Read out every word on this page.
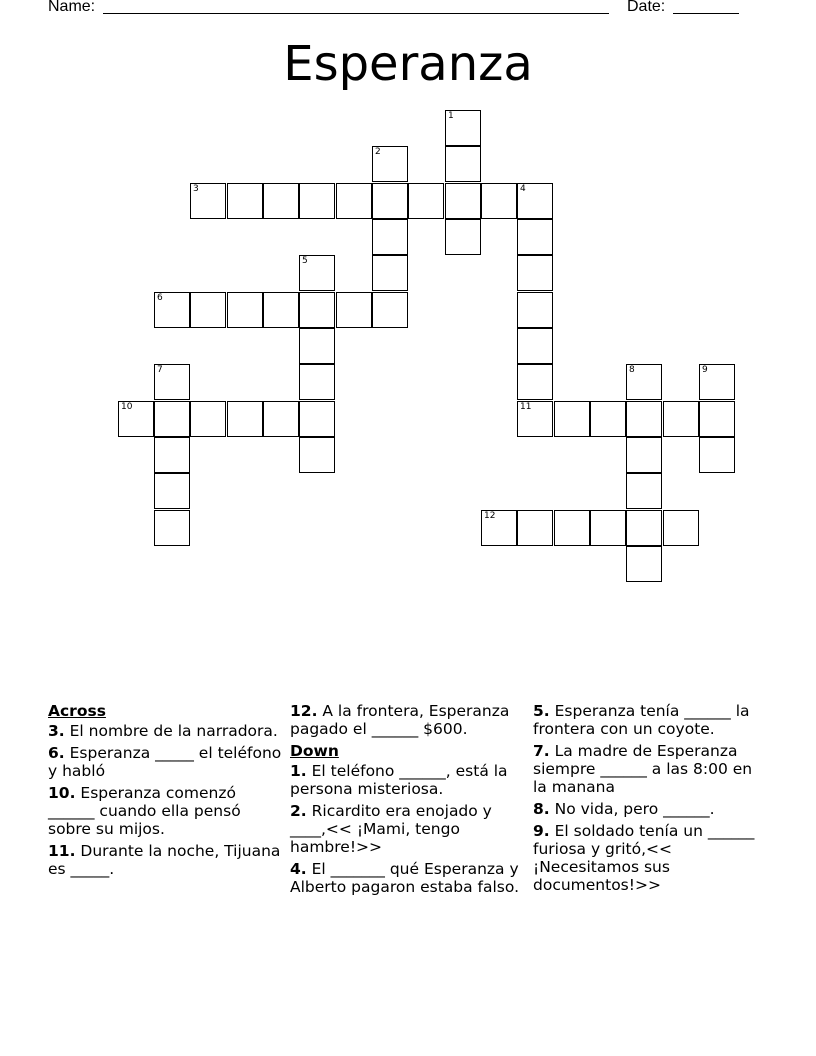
Name:	Date:
Esperanza
1
2
3	4
5
6
7	8	9
10	11
12
Across
3. El nombre de la narradora.
6. Esperanza _____ el teléfono y habló
10. Esperanza comenzó ______ cuando ella pensó sobre su mijos.
11. Durante la noche, Tijuana es _____.
12. A la frontera, Esperanza pagado el ______ $600.
Down
1. El teléfono ______, está la persona misteriosa.
2. Ricardito era enojado y ____,<< ¡Mami, tengo hambre!>>
4. El _______ qué Esperanza y Alberto pagaron estaba falso.
5. Esperanza tenía ______ la frontera con un coyote.
7. La madre de Esperanza siempre ______ a las 8:00 en la manana
8. No vida, pero ______.
9. El soldado tenía un ______ furiosa y gritó,<< ¡Necesitamos sus documentos!>>
